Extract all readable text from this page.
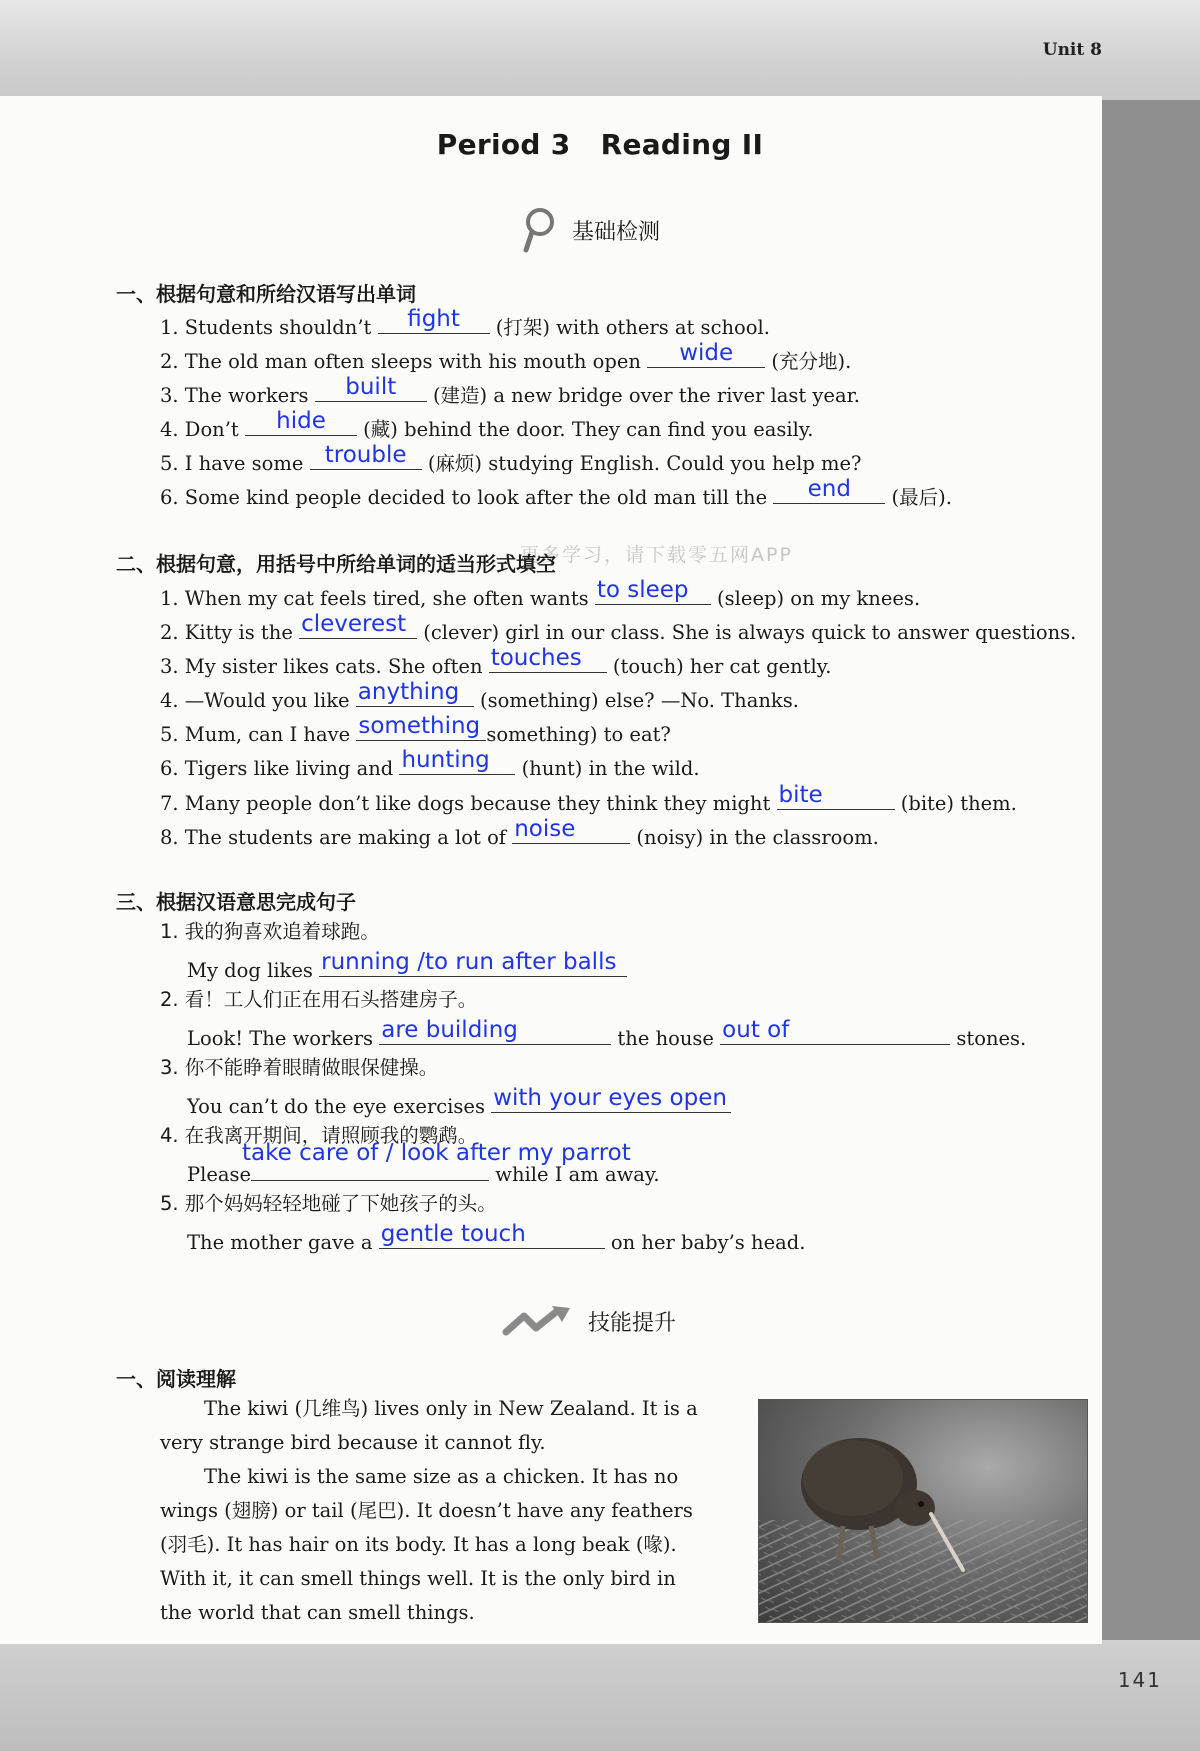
Unit 8
Period 3 Reading II
基础检测
一、根据句意和所给汉语写出单词
1. Students shouldn’t	fight	(打架) with others at school.
2. The old man often sleeps with his mouth open	wide	(充分地).
3. The workers	built	(建造) a new bridge over the river last year.
4. Don’t	hide	(藏) behind the door. They can find you easily.
5. I have some trouble (麻烦) studying English. Could you help me?
6. Some kind people decided to look after the old man till the	end	(最后).
更多学习，请下载零五网APP
二、根据句意，用括号中所给单词的适当形式填空
1. When my cat feels tired, she often wants to sleep (sleep) on my knees.
2. Kitty is the cleverest (clever) girl in our class. She is always quick to answer questions.
3. My sister likes cats. She often touches (touch) her cat gently.
4. —Would you like anything (something) else? —No. Thanks.
5. Mum, can I have something something) to eat?
6. Tigers like living and hunting (hunt) in the wild.
7. Many people don’t like dogs because they think they might bite	(bite) them.
8. The students are making a lot of noise	(noisy) in the classroom.
三、根据汉语意思完成句子
1. 我的狗喜欢追着球跑。
My dog likes running /to run after balls
2. 看！工人们正在用石头搭建房子。
Look! The workers are building	the house out of	stones.
3. 你不能睁着眼睛做眼保健操。
You can’t do the eye exercises with your eyes open
4. 在我离开期间，请照顾我的鹦鹉。
Please	while I am away.
take care of / look after my parrot
5. 那个妈妈轻轻地碰了下她孩子的头。
The mother gave a gentle touch	on her baby’s head.
技能提升
一、阅读理解

The kiwi (几维鸟) lives only in New Zealand. It is a very strange bird because it cannot fly.

The kiwi is the same size as a chicken. It has no wings (翅膀) or tail (尾巴). It doesn’t have any feathers (羽毛). It has hair on its body. It has a long beak (喙). With it, it can smell things well. It is the only bird in the world that can smell things.

141
